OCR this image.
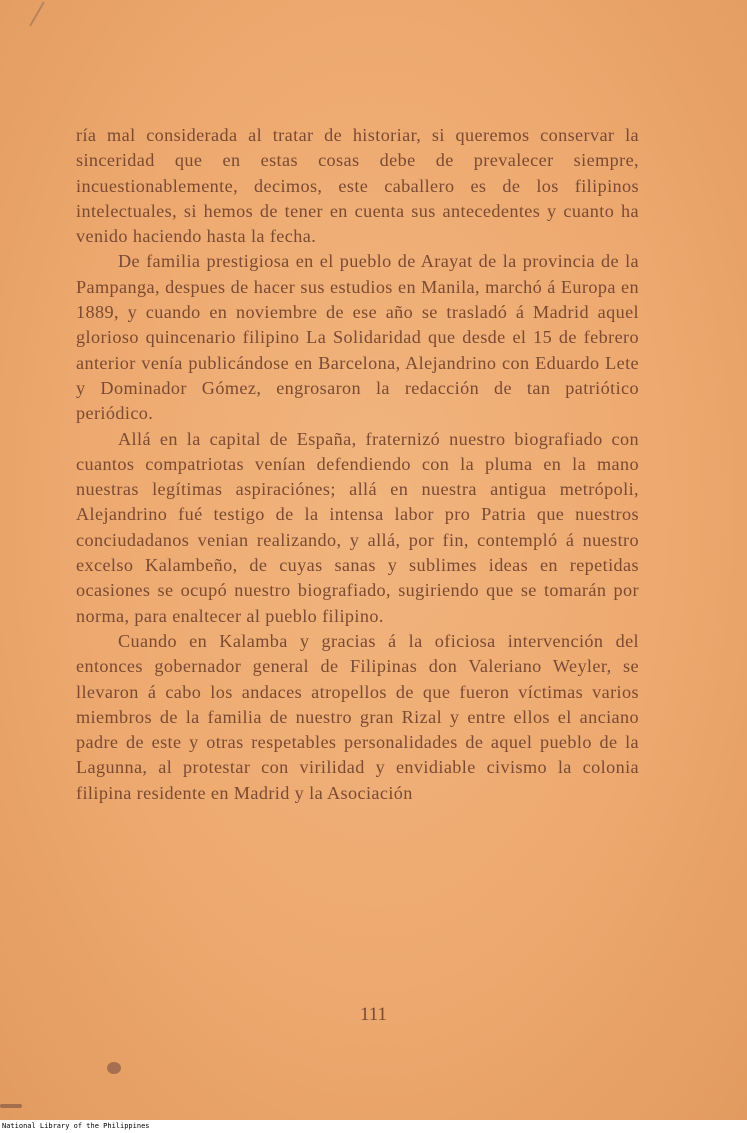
ría mal considerada al tratar de historiar, si queremos conservar la sinceridad que en estas cosas debe de prevalecer siempre, incuestionablemente, decimos, este caballero es de los filipinos intelectuales, si hemos de tener en cuenta sus antecedentes y cuanto ha venido haciendo hasta la fecha.

De familia prestigiosa en el pueblo de Arayat de la provincia de la Pampanga, despues de hacer sus estudios en Manila, marchó á Europa en 1889, y cuando en noviembre de ese año se trasladó á Madrid aquel glorioso quincenario filipino La Solidaridad que desde el 15 de febrero anterior venía publicándose en Barcelona, Alejandrino con Eduardo Lete y Dominador Gómez, engrosaron la redacción de tan patriótico periódico.

Allá en la capital de España, fraternizó nuestro biografiado con cuantos compatriotas venían defendiendo con la pluma en la mano nuestras legítimas aspiraciónes; allá en nuestra antigua metrópoli, Alejandrino fué testigo de la intensa labor pro Patria que nuestros conciudadanos venian realizando, y allá, por fin, contempló á nuestro excelso Kalambeño, de cuyas sanas y sublimes ideas en repetidas ocasiones se ocupó nuestro biografiado, sugiriendo que se tomarán por norma, para enaltecer al pueblo filipino.

Cuando en Kalamba y gracias á la oficiosa intervención del entonces gobernador general de Filipinas don Valeriano Weyler, se llevaron á cabo los andaces atropellos de que fueron víctimas varios miembros de la familia de nuestro gran Rizal y entre ellos el anciano padre de este y otras respetables personalidades de aquel pueblo de la Lagunna, al protestar con virilidad y envidiable civismo la colonia filipina residente en Madrid y la Asociación

111
National Library of the Philippines
